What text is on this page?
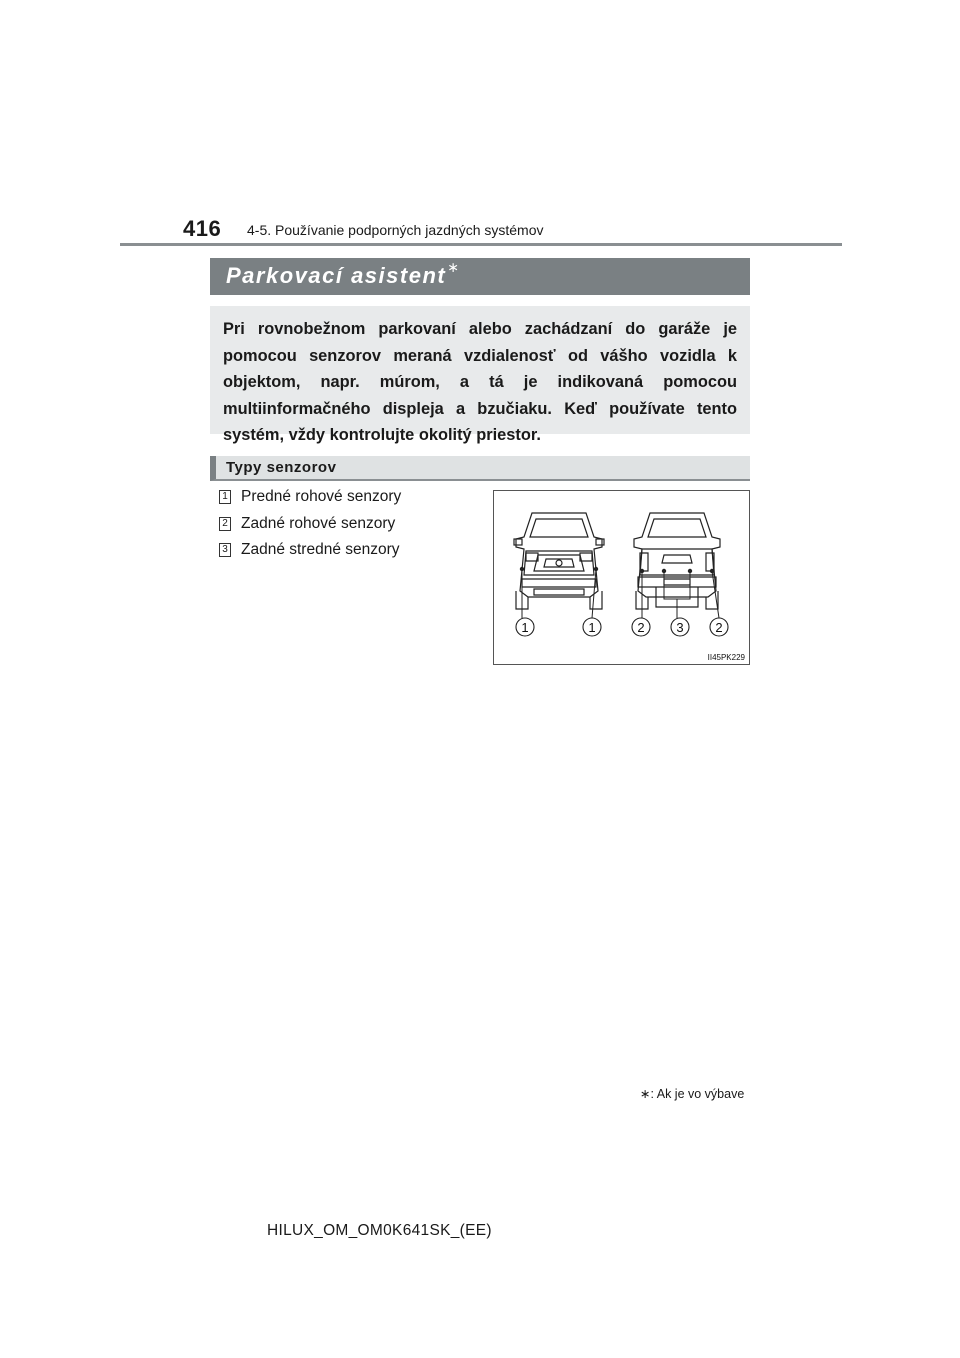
416 4-5. Používanie podporných jazdných systémov
Parkovací asistent∗
Pri rovnobežnom parkovaní alebo zachádzaní do garáže je pomocou senzorov meraná vzdialenosť od vášho vozidla k objektom, napr. múrom, a tá je indikovaná pomocou multiinformačného displeja a bzučiaku. Keď používate tento systém, vždy kontrolujte okolitý priestor.
Typy senzorov
1 Predné rohové senzory
2 Zadné rohové senzory
3 Zadné stredné senzory
1	1	2 3 2
II45PK229
∗: Ak je vo výbave
HILUX_OM_OM0K641SK_(EE)
